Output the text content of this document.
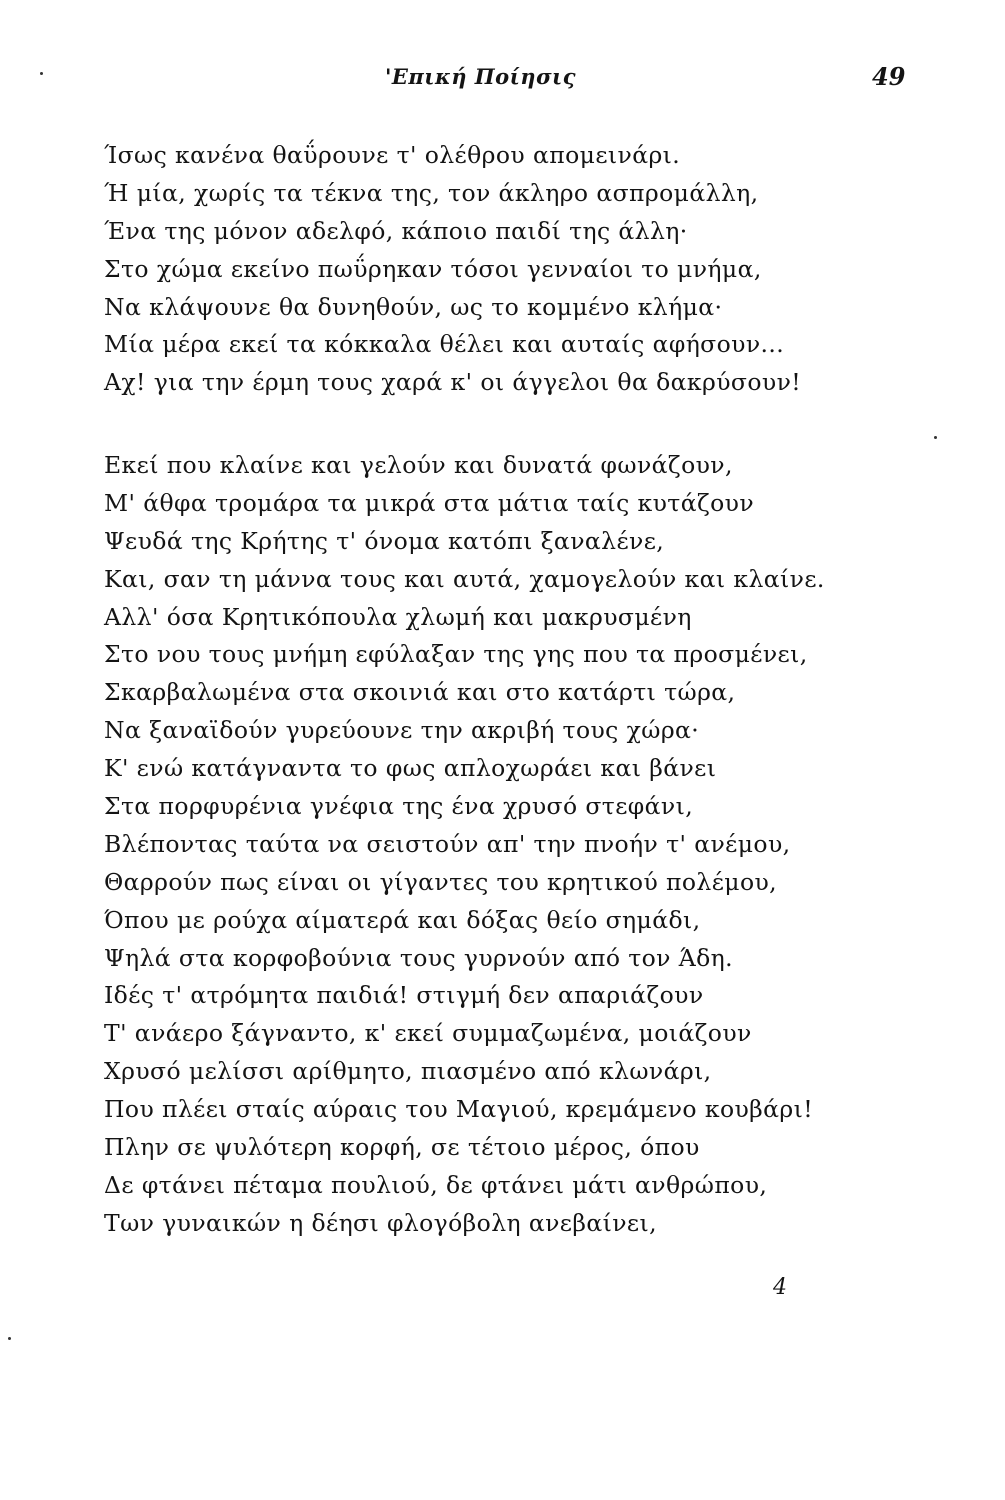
'Επική Ποίησις	49
Ίσως κανένα θαΰρουνε τ' ολέθρου απομεινάρι.
Ή μία, χωρίς τα τέκνα της, τον άκληρο ασπρομάλλη,
Ένα της μόνον αδελφό, κάποιο παιδί της άλλη·
Στο χώμα εκείνο πωΰρηκαν τόσοι γενναίοι το μνήμα,
Να κλάψουνε θα δυνηθούν, ως το κομμένο κλήμα·
Μία μέρα εκεί τα κόκκαλα θέλει και αυταίς αφήσουν...
Αχ! για την έρμη τους χαρά κ' οι άγγελοι θα δακρύσουν!
Εκεί που κλαίνε και γελούν και δυνατά φωνάζουν,
Μ' άθφα τρομάρα τα μικρά στα μάτια ταίς κυτάζουν
Ψευδά της Κρήτης τ' όνομα κατόπι ξαναλένε,
Και, σαν τη μάννα τους και αυτά, χαμογελούν και κλαίνε.
Αλλ' όσα Κρητικόπουλα χλωμή και μακρυσμένη
Στο νου τους μνήμη εφύλαξαν της γης που τα προσμένει,
Σκαρβαλωμένα στα σκοινιά και στο κατάρτι τώρα,
Να ξαναϊδούν γυρεύουνε την ακριβή τους χώρα·
Κ' ενώ κατάγναντα το φως απλοχωράει και βάνει
Στα πορφυρένια γνέφια της ένα χρυσό στεφάνι,
Βλέποντας ταύτα να σειστούν απ' την πνοήν τ' ανέμου,
Θαρρούν πως είναι οι γίγαντες του κρητικού πολέμου,
Όπου με ρούχα αίματερά και δόξας θείο σημάδι,
Ψηλά στα κορφοβούνια τους γυρνούν από τον Άδη.
Ιδές τ' ατρόμητα παιδιά! στιγμή δεν απαριάζουν
Τ' ανάερο ξάγναντο, κ' εκεί συμμαζωμένα, μοιάζουν
Χρυσό μελίσσι αρίθμητο, πιασμένο από κλωνάρι,
Που πλέει σταίς αύραις του Μαγιού, κρεμάμενο κουβάρι!
Πλην σε ψυλότερη κορφή, σε τέτοιο μέρος, όπου
Δε φτάνει πέταμα πουλιού, δε φτάνει μάτι ανθρώπου,
Των γυναικών η δέησι φλογόβολη ανεβαίνει,
4
